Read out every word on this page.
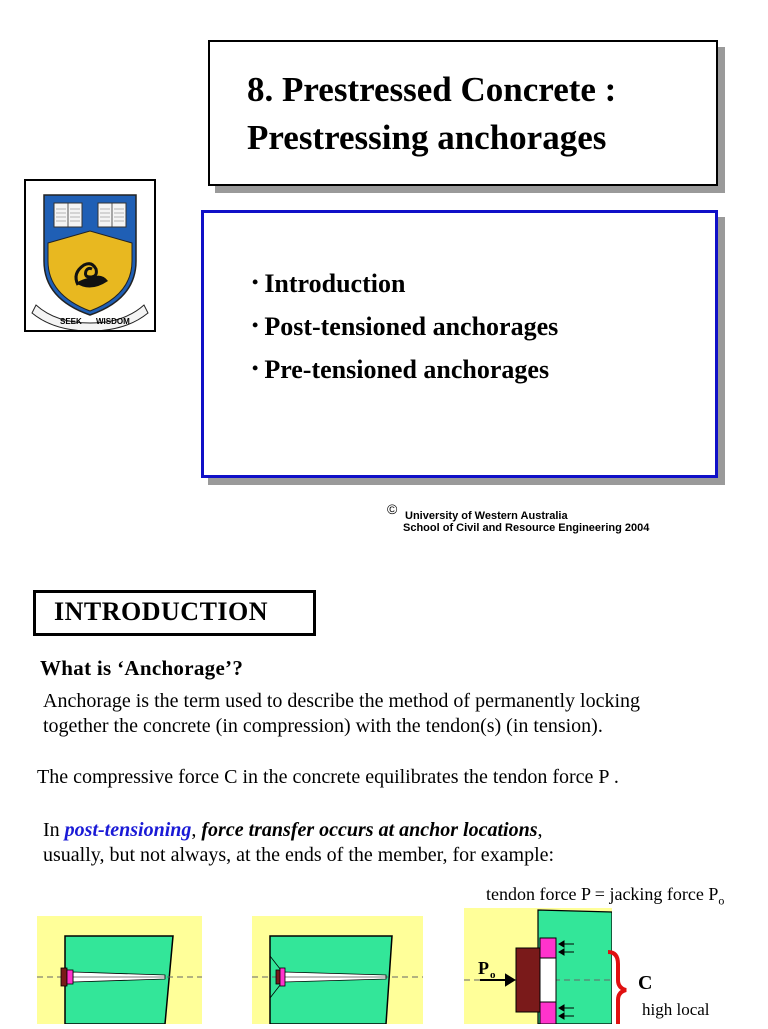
8. Prestressed Concrete :
Prestressing anchorages
SEEK WISDOM
• Introduction
• Post-tensioned anchorages
• Pre-tensioned anchorages
© University of Western Australia
School of Civil and Resource Engineering 2004
INTRODUCTION
What is ‘Anchorage’?
Anchorage is the term used to describe the method of permanently locking
together the concrete (in compression) with the tendon(s) (in tension).
The compressive force C in the concrete equilibrates the tendon force P .
In post-tensioning, force transfer occurs at anchor locations,
usually, but not always, at the ends of the member, for example:
tendon force P = jacking force $P_o$
P o	C
high local
